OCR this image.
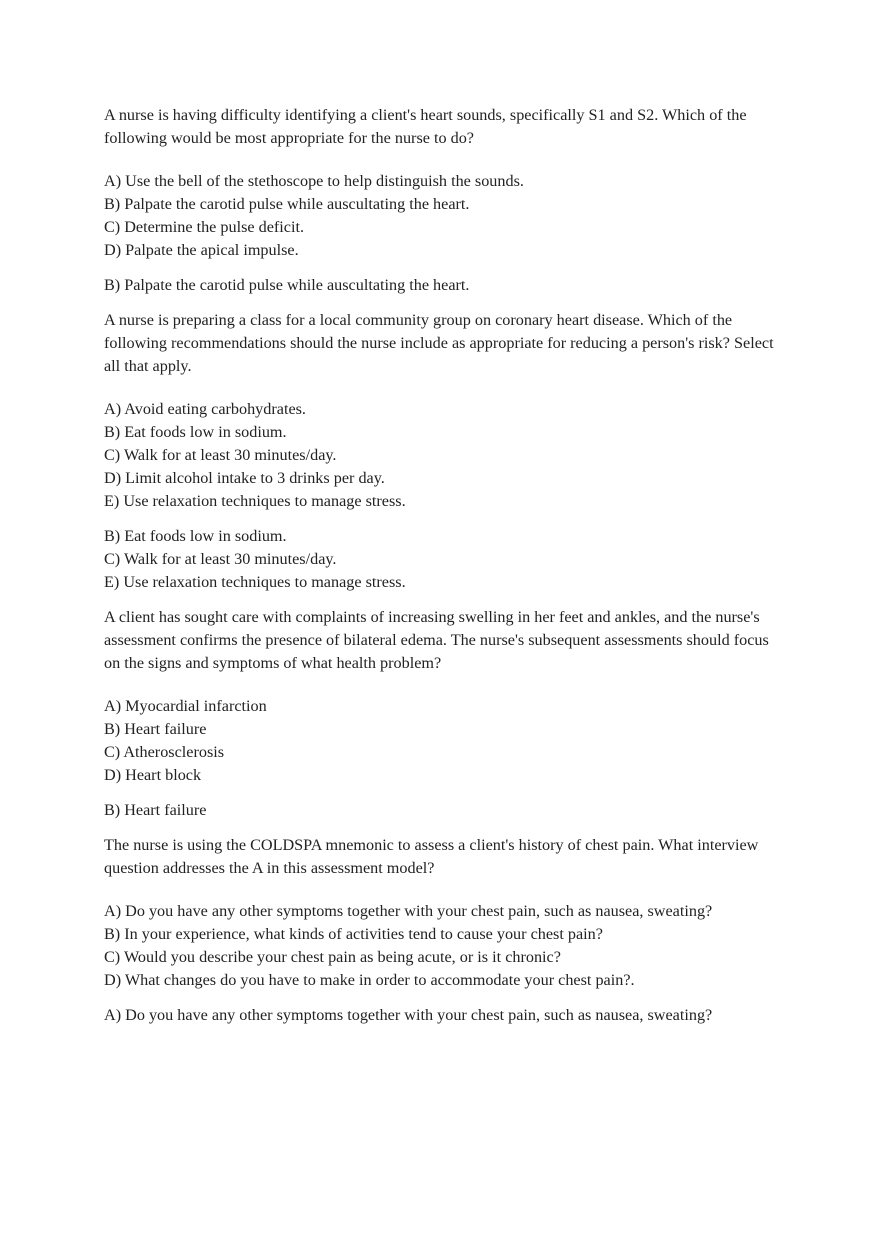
A nurse is having difficulty identifying a client's heart sounds, specifically S1 and S2. Which of the following would be most appropriate for the nurse to do?

A) Use the bell of the stethoscope to help distinguish the sounds.

B) Palpate the carotid pulse while auscultating the heart.

C) Determine the pulse deficit.

D) Palpate the apical impulse.

B) Palpate the carotid pulse while auscultating the heart.

A nurse is preparing a class for a local community group on coronary heart disease. Which of the following recommendations should the nurse include as appropriate for reducing a person's risk? Select all that apply.

A) Avoid eating carbohydrates.

B) Eat foods low in sodium.

C) Walk for at least 30 minutes/day.

D) Limit alcohol intake to 3 drinks per day.

E) Use relaxation techniques to manage stress.

B) Eat foods low in sodium.

C) Walk for at least 30 minutes/day.

E) Use relaxation techniques to manage stress.

A client has sought care with complaints of increasing swelling in her feet and ankles, and the nurse's assessment confirms the presence of bilateral edema. The nurse's subsequent assessments should focus on the signs and symptoms of what health problem?

A) Myocardial infarction

B) Heart failure

C) Atherosclerosis

D) Heart block

B) Heart failure

The nurse is using the COLDSPA mnemonic to assess a client's history of chest pain. What interview question addresses the A in this assessment model?

A) Do you have any other symptoms together with your chest pain, such as nausea, sweating?

B) In your experience, what kinds of activities tend to cause your chest pain?

C) Would you describe your chest pain as being acute, or is it chronic?

D) What changes do you have to make in order to accommodate your chest pain?.

A) Do you have any other symptoms together with your chest pain, such as nausea, sweating?
